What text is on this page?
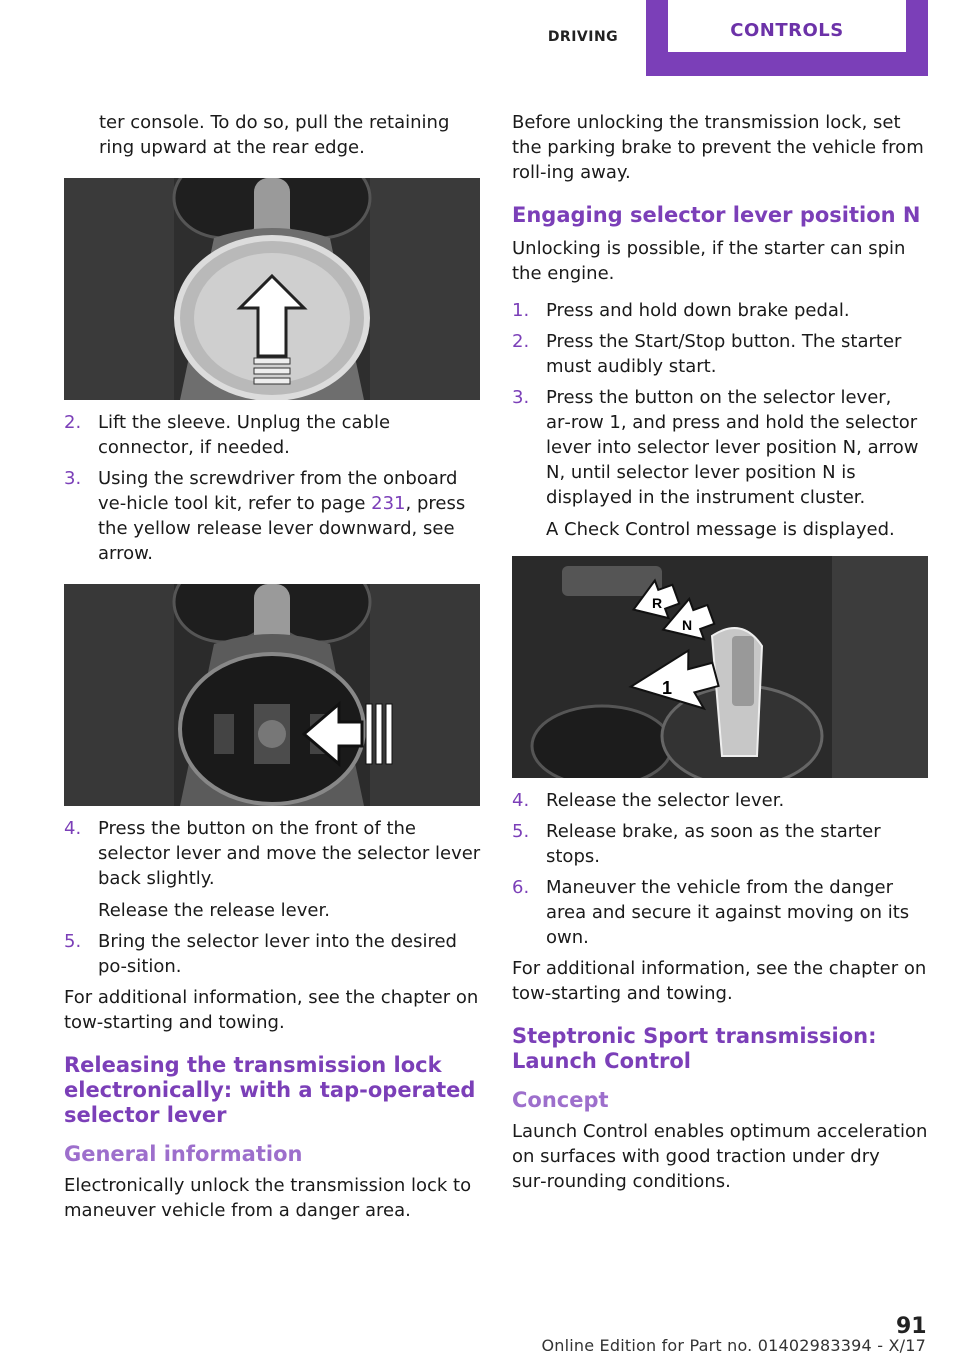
DRIVING	CONTROLS

ter console. To do so, pull the retaining ring upward at the rear edge.

2. Lift the sleeve. Unplug the cable connector, if needed.
3. Using the screwdriver from the onboard ve‑hicle tool kit, refer to page 231, press the yellow release lever downward, see arrow.
4. Press the button on the front of the selector lever and move the selector lever back slightly.
Release the release lever.
5. Bring the selector lever into the desired po‑sition.

For additional information, see the chapter on tow-starting and towing.

Releasing the transmission lock electronically: with a tap-operated selector lever
General information

Electronically unlock the transmission lock to maneuver vehicle from a danger area.

Before unlocking the transmission lock, set the parking brake to prevent the vehicle from roll‑ing away.

Engaging selector lever position N

Unlocking is possible, if the starter can spin the engine.

1. Press and hold down brake pedal.
2. Press the Start/Stop button. The starter must audibly start.
3. Press the button on the selector lever, ar‑row 1, and press and hold the selector lever into selector lever position N, arrow N, until selector lever position N is displayed in the instrument cluster.
A Check Control message is displayed.
R
N
1
4. Release the selector lever.
5. Release brake, as soon as the starter stops.
6. Maneuver the vehicle from the danger area and secure it against moving on its own.

For additional information, see the chapter on tow-starting and towing.

Steptronic Sport transmission: Launch Control
Concept

Launch Control enables optimum acceleration on surfaces with good traction under dry sur‑rounding conditions.

91
Online Edition for Part no. 01402983394 - X/17
